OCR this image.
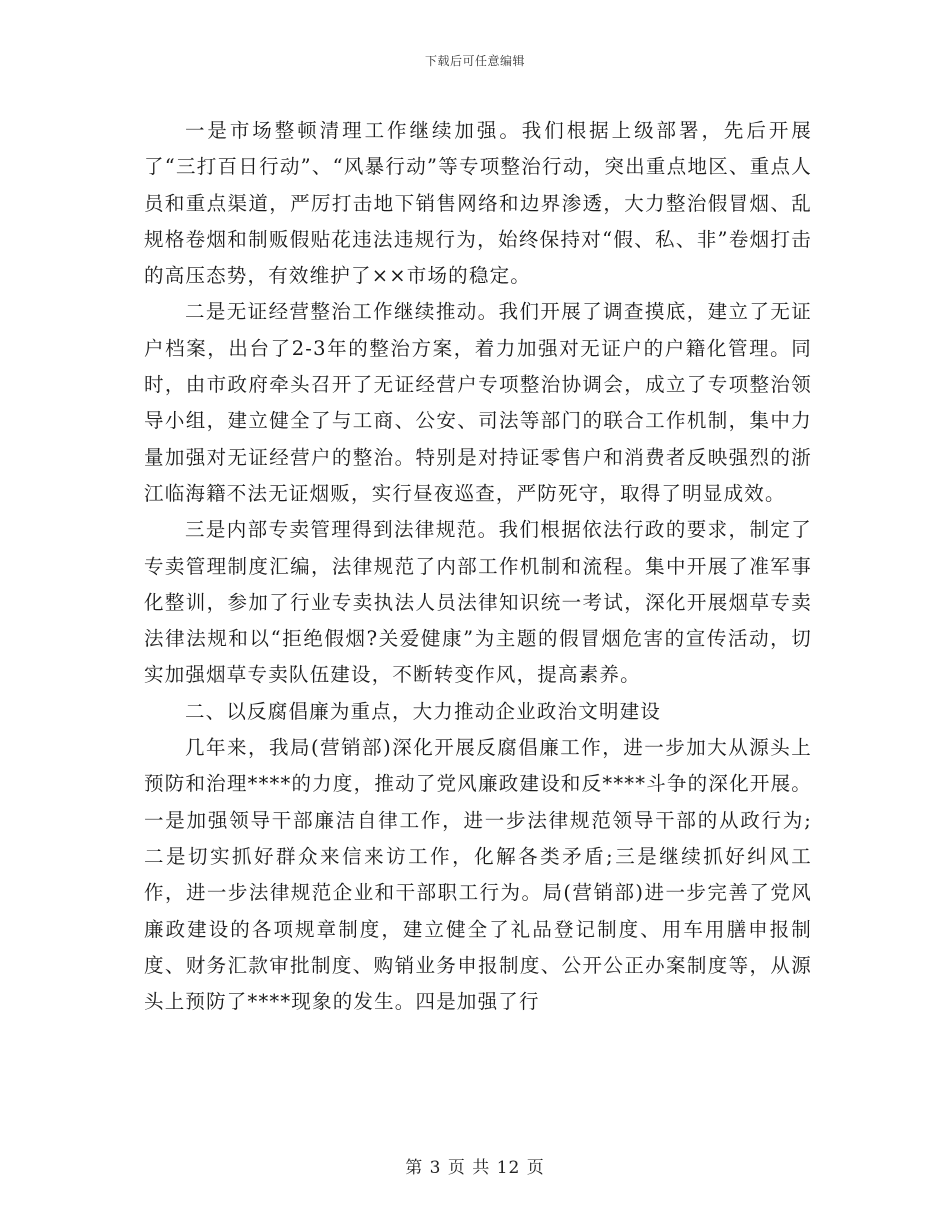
下载后可任意编辑

一是市场整顿清理工作继续加强。我们根据上级部署，先后开展了“三打百日行动”、“风暴行动”等专项整治行动，突出重点地区、重点人员和重点渠道，严厉打击地下销售网络和边界渗透，大力整治假冒烟、乱规格卷烟和制贩假贴花违法违规行为，始终保持对“假、私、非”卷烟打击的高压态势，有效维护了××市场的稳定。

二是无证经营整治工作继续推动。我们开展了调查摸底，建立了无证户档案，出台了2-3年的整治方案，着力加强对无证户的户籍化管理。同时，由市政府牵头召开了无证经营户专项整治协调会，成立了专项整治领导小组，建立健全了与工商、公安、司法等部门的联合工作机制，集中力量加强对无证经营户的整治。特别是对持证零售户和消费者反映强烈的浙江临海籍不法无证烟贩，实行昼夜巡查，严防死守，取得了明显成效。

三是内部专卖管理得到法律规范。我们根据依法行政的要求，制定了专卖管理制度汇编，法律规范了内部工作机制和流程。集中开展了准军事化整训，参加了行业专卖执法人员法律知识统一考试，深化开展烟草专卖法律法规和以“拒绝假烟?关爱健康”为主题的假冒烟危害的宣传活动，切实加强烟草专卖队伍建设，不断转变作风，提高素养。

二、以反腐倡廉为重点，大力推动企业政治文明建设

几年来，我局(营销部)深化开展反腐倡廉工作，进一步加大从源头上预防和治理****的力度，推动了党风廉政建设和反****斗争的深化开展。一是加强领导干部廉洁自律工作，进一步法律规范领导干部的从政行为;二是切实抓好群众来信来访工作，化解各类矛盾;三是继续抓好纠风工作，进一步法律规范企业和干部职工行为。局(营销部)进一步完善了党风廉政建设的各项规章制度，建立健全了礼品登记制度、用车用膳申报制度、财务汇款审批制度、购销业务申报制度、公开公正办案制度等，从源头上预防了****现象的发生。四是加强了行

第 3 页 共 12 页
